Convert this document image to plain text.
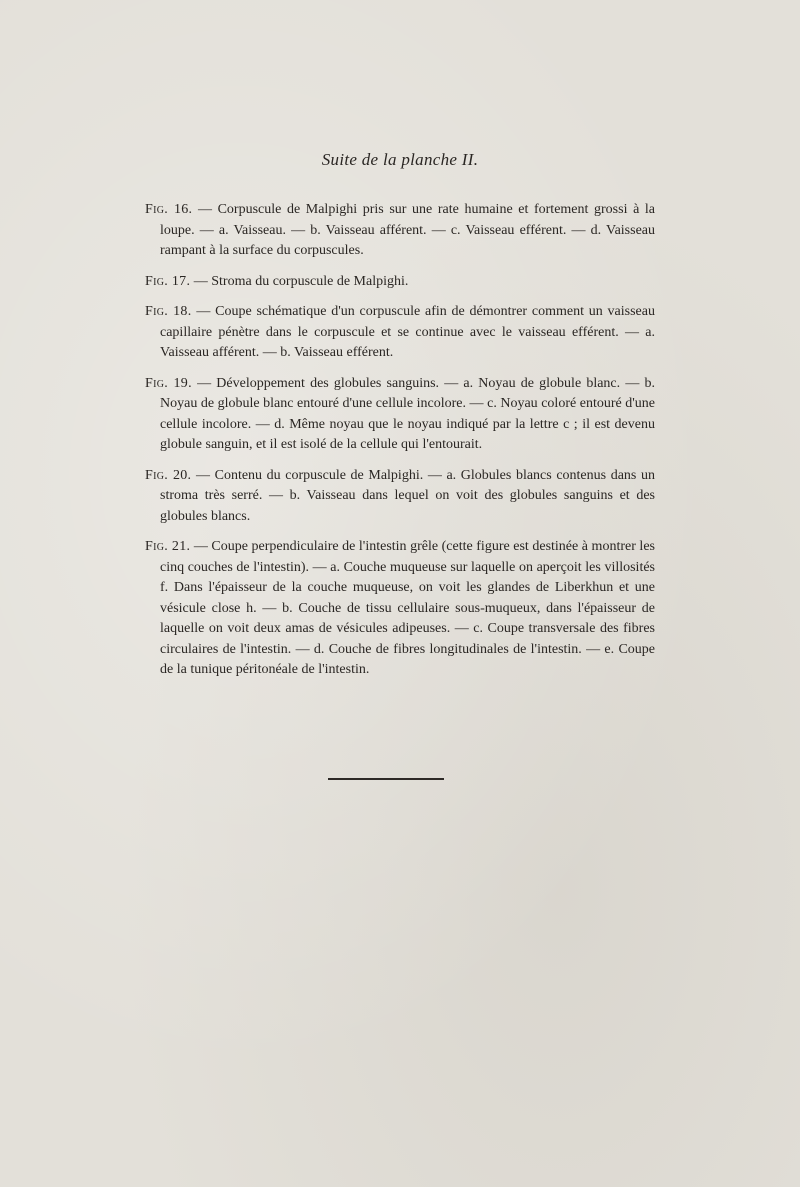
Suite de la planche II.

Fig. 16. — Corpuscule de Malpighi pris sur une rate humaine et fortement grossi à la loupe. — a. Vaisseau. — b. Vaisseau afférent. — c. Vaisseau efférent. — d. Vaisseau rampant à la surface du corpuscules.

Fig. 17. — Stroma du corpuscule de Malpighi.

Fig. 18. — Coupe schématique d'un corpuscule afin de démontrer comment un vaisseau capillaire pénètre dans le corpuscule et se continue avec le vaisseau efférent. — a. Vaisseau afférent. — b. Vaisseau efférent.

Fig. 19. — Développement des globules sanguins. — a. Noyau de globule blanc. — b. Noyau de globule blanc entouré d'une cellule incolore. — c. Noyau coloré entouré d'une cellule incolore. — d. Même noyau que le noyau indiqué par la lettre c ; il est devenu globule sanguin, et il est isolé de la cellule qui l'entourait.

Fig. 20. — Contenu du corpuscule de Malpighi. — a. Globules blancs contenus dans un stroma très serré. — b. Vaisseau dans lequel on voit des globules sanguins et des globules blancs.

Fig. 21. — Coupe perpendiculaire de l'intestin grêle (cette figure est destinée à montrer les cinq couches de l'intestin). — a. Couche muqueuse sur laquelle on aperçoit les villosités f. Dans l'épaisseur de la couche muqueuse, on voit les glandes de Liberkhun et une vésicule close h. — b. Couche de tissu cellulaire sous-muqueux, dans l'épaisseur de laquelle on voit deux amas de vésicules adipeuses. — c. Coupe transversale des fibres circulaires de l'intestin. — d. Couche de fibres longitudinales de l'intestin. — e. Coupe de la tunique péritonéale de l'intestin.
